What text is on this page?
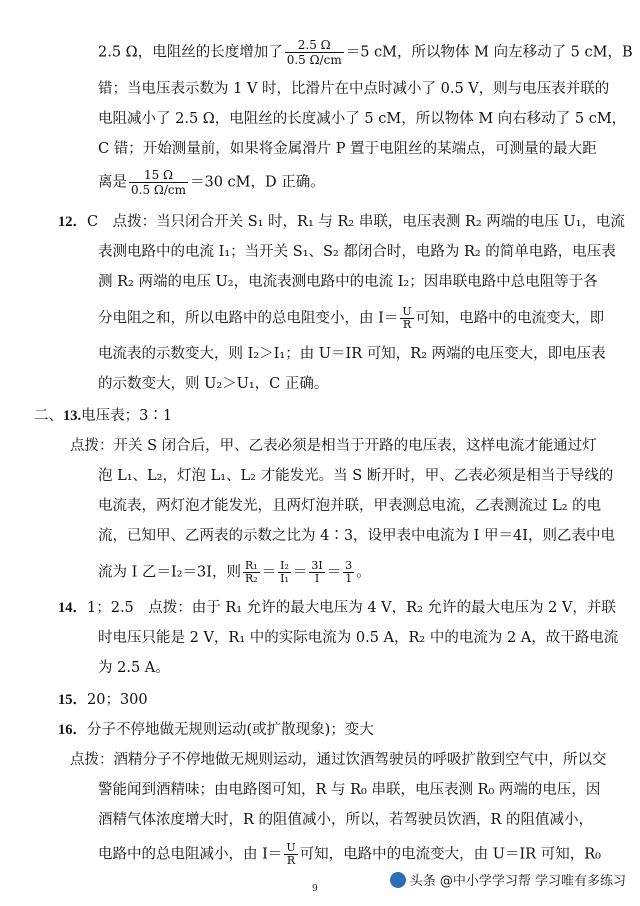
2.5 Ω，电阻丝的长度增加了 $\frac{2.5 \Omega}{0.5 \Omega/cm} =5$ cM，所以物体 M 向左移动了 5 cM，B
错；当电压表示数为 1 V 时，比滑片在中点时减小了 0.5 V，则与电压表并联的
电阻减小了 2.5 Ω，电阻丝的长度减小了 5 cM，所以物体 M 向右移动了 5 cM，
C 错；开始测量前，如果将金属滑片 P 置于电阻丝的某端点，可测量的最大距
离是 $\frac{15 \Omega}{0.5 \Omega/cm} =30$ cM，D 正确。
12．C　点拨：当只闭合开关 S₁ 时，R₁ 与 R₂ 串联，电压表测 R₂ 两端的电压 U₁，电流
表测电路中的电流 I₁；当开关 S₁、S₂ 都闭合时，电路为 R₂ 的简单电路，电压表
测 R₂ 两端的电压 U₂，电流表测电路中的电流 I₂；因串联电路中总电阻等于各
分电阻之和，所以电路中的总电阻变小，由 $I= \frac{U}{R}$ 可知，电路中的电流变大，即
电流表的示数变大，则 I₂＞I₁；由 U＝IR 可知，R₂ 两端的电压变大，即电压表
的示数变大，则 U₂＞U₁，C 正确。
二、13.电压表；3∶1
点拨：开关 S 闭合后，甲、乙表必须是相当于开路的电压表，这样电流才能通过灯
泡 L₁、L₂，灯泡 L₁、L₂ 才能发光。当 S 断开时，甲、乙表必须是相当于导线的
电流表，两灯泡才能发光，且两灯泡并联，甲表测总电流，乙表测流过 L₂ 的电
流，已知甲、乙两表的示数之比为 4∶3，设甲表中电流为 I 甲＝4I，则乙表中电
流为 I 乙＝I₂＝3I，则 $\frac{\text{R₁}}{\text{R₂}} = \frac{\text{I₂}}{\text{I₁}} = \frac{3I}{I} = \frac{3}{1}$ 。
14．1；2.5　点拨：由于 R₁ 允许的最大电压为 4 V，R₂ 允许的最大电压为 2 V，并联
时电压只能是 2 V，R₁ 中的实际电流为 0.5 A，R₂ 中的电流为 2 A，故干路电流
为 2.5 A。
15．20；300
16．分子不停地做无规则运动(或扩散现象)；变大
点拨：酒精分子不停地做无规则运动，通过饮酒驾驶员的呼吸扩散到空气中，所以交
警能闻到酒精味；由电路图可知，R 与 R₀ 串联，电压表测 R₀ 两端的电压，因
酒精气体浓度增大时，R 的阻值减小，所以，若驾驶员饮酒，R 的阻值减小，
电路中的总电阻减小，由 $I= \frac{U}{R}$ 可知，电路中的电流变大，由 U＝IR 可知，R₀
9	头条 @中小学学习帮 学习唯有多练习
